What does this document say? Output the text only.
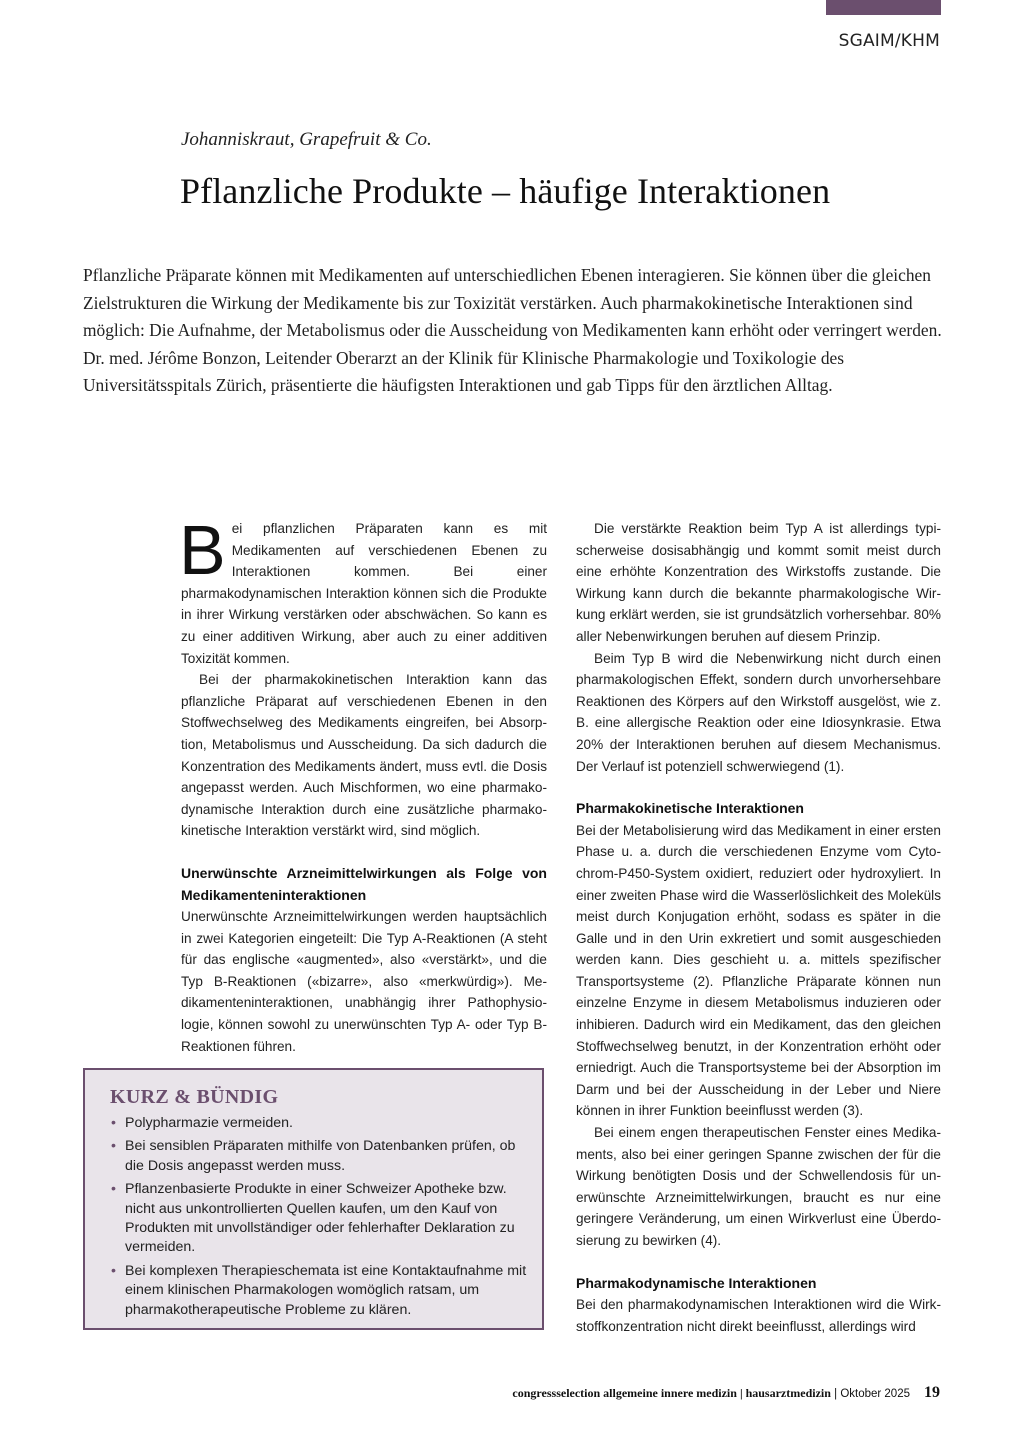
SGAIM/KHM
Johanniskraut, Grapefruit & Co.
Pflanzliche Produkte – häufige Interaktionen
Pflanzliche Präparate können mit Medikamenten auf unterschiedlichen Ebenen interagieren. Sie können über die gleichen Zielstrukturen die Wirkung der Medikamente bis zur Toxizität verstärken. Auch pharmakokinetische Interaktionen sind möglich: Die Aufnahme, der Metabolismus oder die Ausscheidung von Medikamenten kann erhöht oder verringert werden. Dr. med. Jérôme Bonzon, Leitender Oberarzt an der Klinik für Klinische Pharmakologie und Toxikologie des Universitätsspitals Zürich, präsentierte die häufigsten Interaktionen und gab Tipps für den ärztlichen Alltag.

Bei pflanzlichen Präparaten kann es mit Medikamenten auf verschiedenen Ebenen zu Interaktionen kommen. Bei einer pharmakodynamischen Interaktion können sich die Produkte in ihrer Wirkung verstärken oder abschwächen. So kann es zu einer additiven Wirkung, aber auch zu einer additiven Toxizität kommen.

Bei der pharmakokinetischen Interaktion kann das pflanzliche Präparat auf verschiedenen Ebenen in den Stoffwechselweg des Medikaments eingreifen, bei Absorption, Metabolismus und Ausscheidung. Da sich dadurch die Konzentration des Medikaments ändert, muss evtl. die Dosis angepasst werden. Auch Mischformen, wo eine pharmakodynamische Interaktion durch eine zusätzliche pharmakokinetische Interaktion verstärkt wird, sind möglich.

Unerwünschte Arzneimittelwirkungen als Folge von Medikamenteninteraktionen

Unerwünschte Arzneimittelwirkungen werden hauptsächlich in zwei Kategorien eingeteilt: Die Typ A-Reaktionen (A steht für das englische «augmented», also «verstärkt», und die Typ B-Reaktionen («bizarre», also «merkwürdig»). Medikamenteninteraktionen, unabhängig ihrer Pathophysiologie, können sowohl zu unerwünschten Typ A- oder Typ B-Reaktionen führen.

KURZ & BÜNDIG
• Polypharmazie vermeiden.
• Bei sensiblen Präparaten mithilfe von Datenbanken prüfen, ob die Dosis angepasst werden muss.
• Pflanzenbasierte Produkte in einer Schweizer Apotheke bzw. nicht aus unkontrollierten Quellen kaufen, um den Kauf von Produkten mit unvollständiger oder fehlerhafter Deklaration zu vermeiden.
• Bei komplexen Therapieschemata ist eine Kontaktaufnahme mit einem klinischen Pharmakologen womöglich ratsam, um pharmakotherapeutische Probleme zu klären.

Die verstärkte Reaktion beim Typ A ist allerdings typischerweise dosisabhängig und kommt somit meist durch eine erhöhte Konzentration des Wirkstoffs zustande. Die Wirkung kann durch die bekannte pharmakologische Wirkung erklärt werden, sie ist grundsätzlich vorhersehbar. 80% aller Nebenwirkungen beruhen auf diesem Prinzip.

Beim Typ B wird die Nebenwirkung nicht durch einen pharmakologischen Effekt, sondern durch unvorhersehbare Reaktionen des Körpers auf den Wirkstoff ausgelöst, wie z. B. eine allergische Reaktion oder eine Idiosynkrasie. Etwa 20% der Interaktionen beruhen auf diesem Mechanismus. Der Verlauf ist potenziell schwerwiegend (1).

Pharmakokinetische Interaktionen

Bei der Metabolisierung wird das Medikament in einer ersten Phase u. a. durch die verschiedenen Enzyme vom Cytochrom-P450-System oxidiert, reduziert oder hydroxyliert. In einer zweiten Phase wird die Wasserlöslichkeit des Moleküls meist durch Konjugation erhöht, sodass es später in die Galle und in den Urin exkretiert und somit ausgeschieden werden kann. Dies geschieht u. a. mittels spezifischer Transportsysteme (2). Pflanzliche Präparate können nun einzelne Enzyme in diesem Metabolismus induzieren oder inhibieren. Dadurch wird ein Medikament, das den gleichen Stoffwechselweg benutzt, in der Konzentration erhöht oder erniedrigt. Auch die Transportsysteme bei der Absorption im Darm und bei der Ausscheidung in der Leber und Niere können in ihrer Funktion beeinflusst werden (3).

Bei einem engen therapeutischen Fenster eines Medikaments, also bei einer geringen Spanne zwischen der für die Wirkung benötigten Dosis und der Schwellendosis für unerwünschte Arzneimittelwirkungen, braucht es nur eine geringere Veränderung, um einen Wirkverlust eine Überdosierung zu bewirken (4).

Pharmakodynamische Interaktionen

Bei den pharmakodynamischen Interaktionen wird die Wirkstoffkonzentration nicht direkt beeinflusst, allerdings wird

congressselection allgemeine innere medizin | hausarztmedizin | Oktober 2025 19
